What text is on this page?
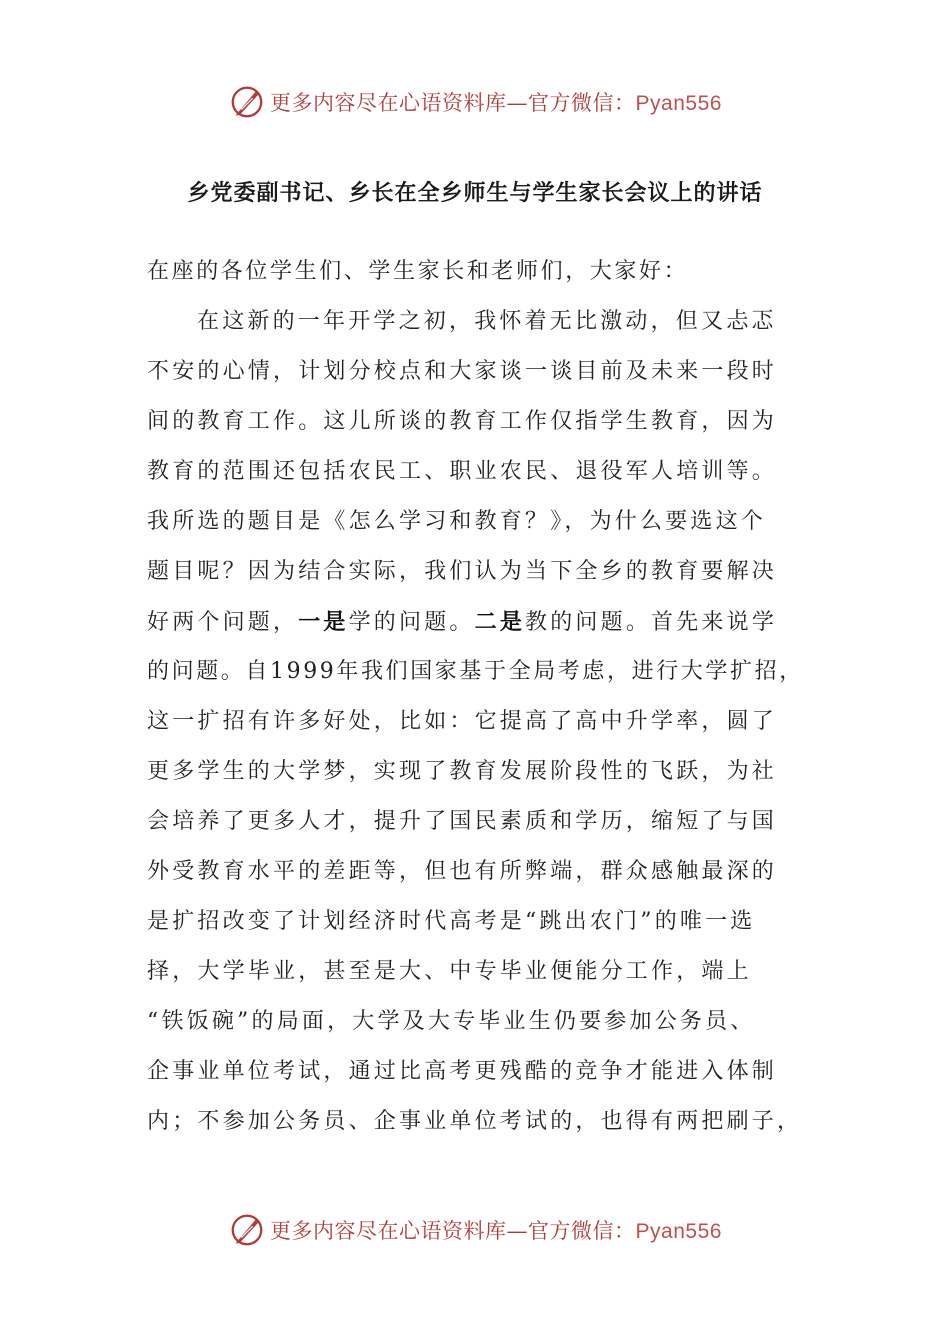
更多内容尽在心语资料库—官方微信：Pyan556
乡党委副书记、乡长在全乡师生与学生家长会议上的讲话
在座的各位学生们、学生家长和老师们，大家好：
在这新的一年开学之初，我怀着无比激动，但又忐忑
不安的心情，计划分校点和大家谈一谈目前及未来一段时
间的教育工作。这儿所谈的教育工作仅指学生教育，因为
教育的范围还包括农民工、职业农民、退役军人培训等。
我所选的题目是《怎么学习和教育？》，为什么要选这个
题目呢？因为结合实际，我们认为当下全乡的教育要解决
好两个问题，一是学的问题。二是教的问题。首先来说学
的问题。自1999年我们国家基于全局考虑，进行大学扩招，
这一扩招有许多好处，比如：它提高了高中升学率，圆了
更多学生的大学梦，实现了教育发展阶段性的飞跃，为社
会培养了更多人才，提升了国民素质和学历，缩短了与国
外受教育水平的差距等，但也有所弊端，群众感触最深的
是扩招改变了计划经济时代高考是“跳出农门”的唯一选
择，大学毕业，甚至是大、中专毕业便能分工作，端上
“铁饭碗”的局面，大学及大专毕业生仍要参加公务员、
企事业单位考试，通过比高考更残酷的竞争才能进入体制
内；不参加公务员、企事业单位考试的，也得有两把刷子，
更多内容尽在心语资料库—官方微信：Pyan556
